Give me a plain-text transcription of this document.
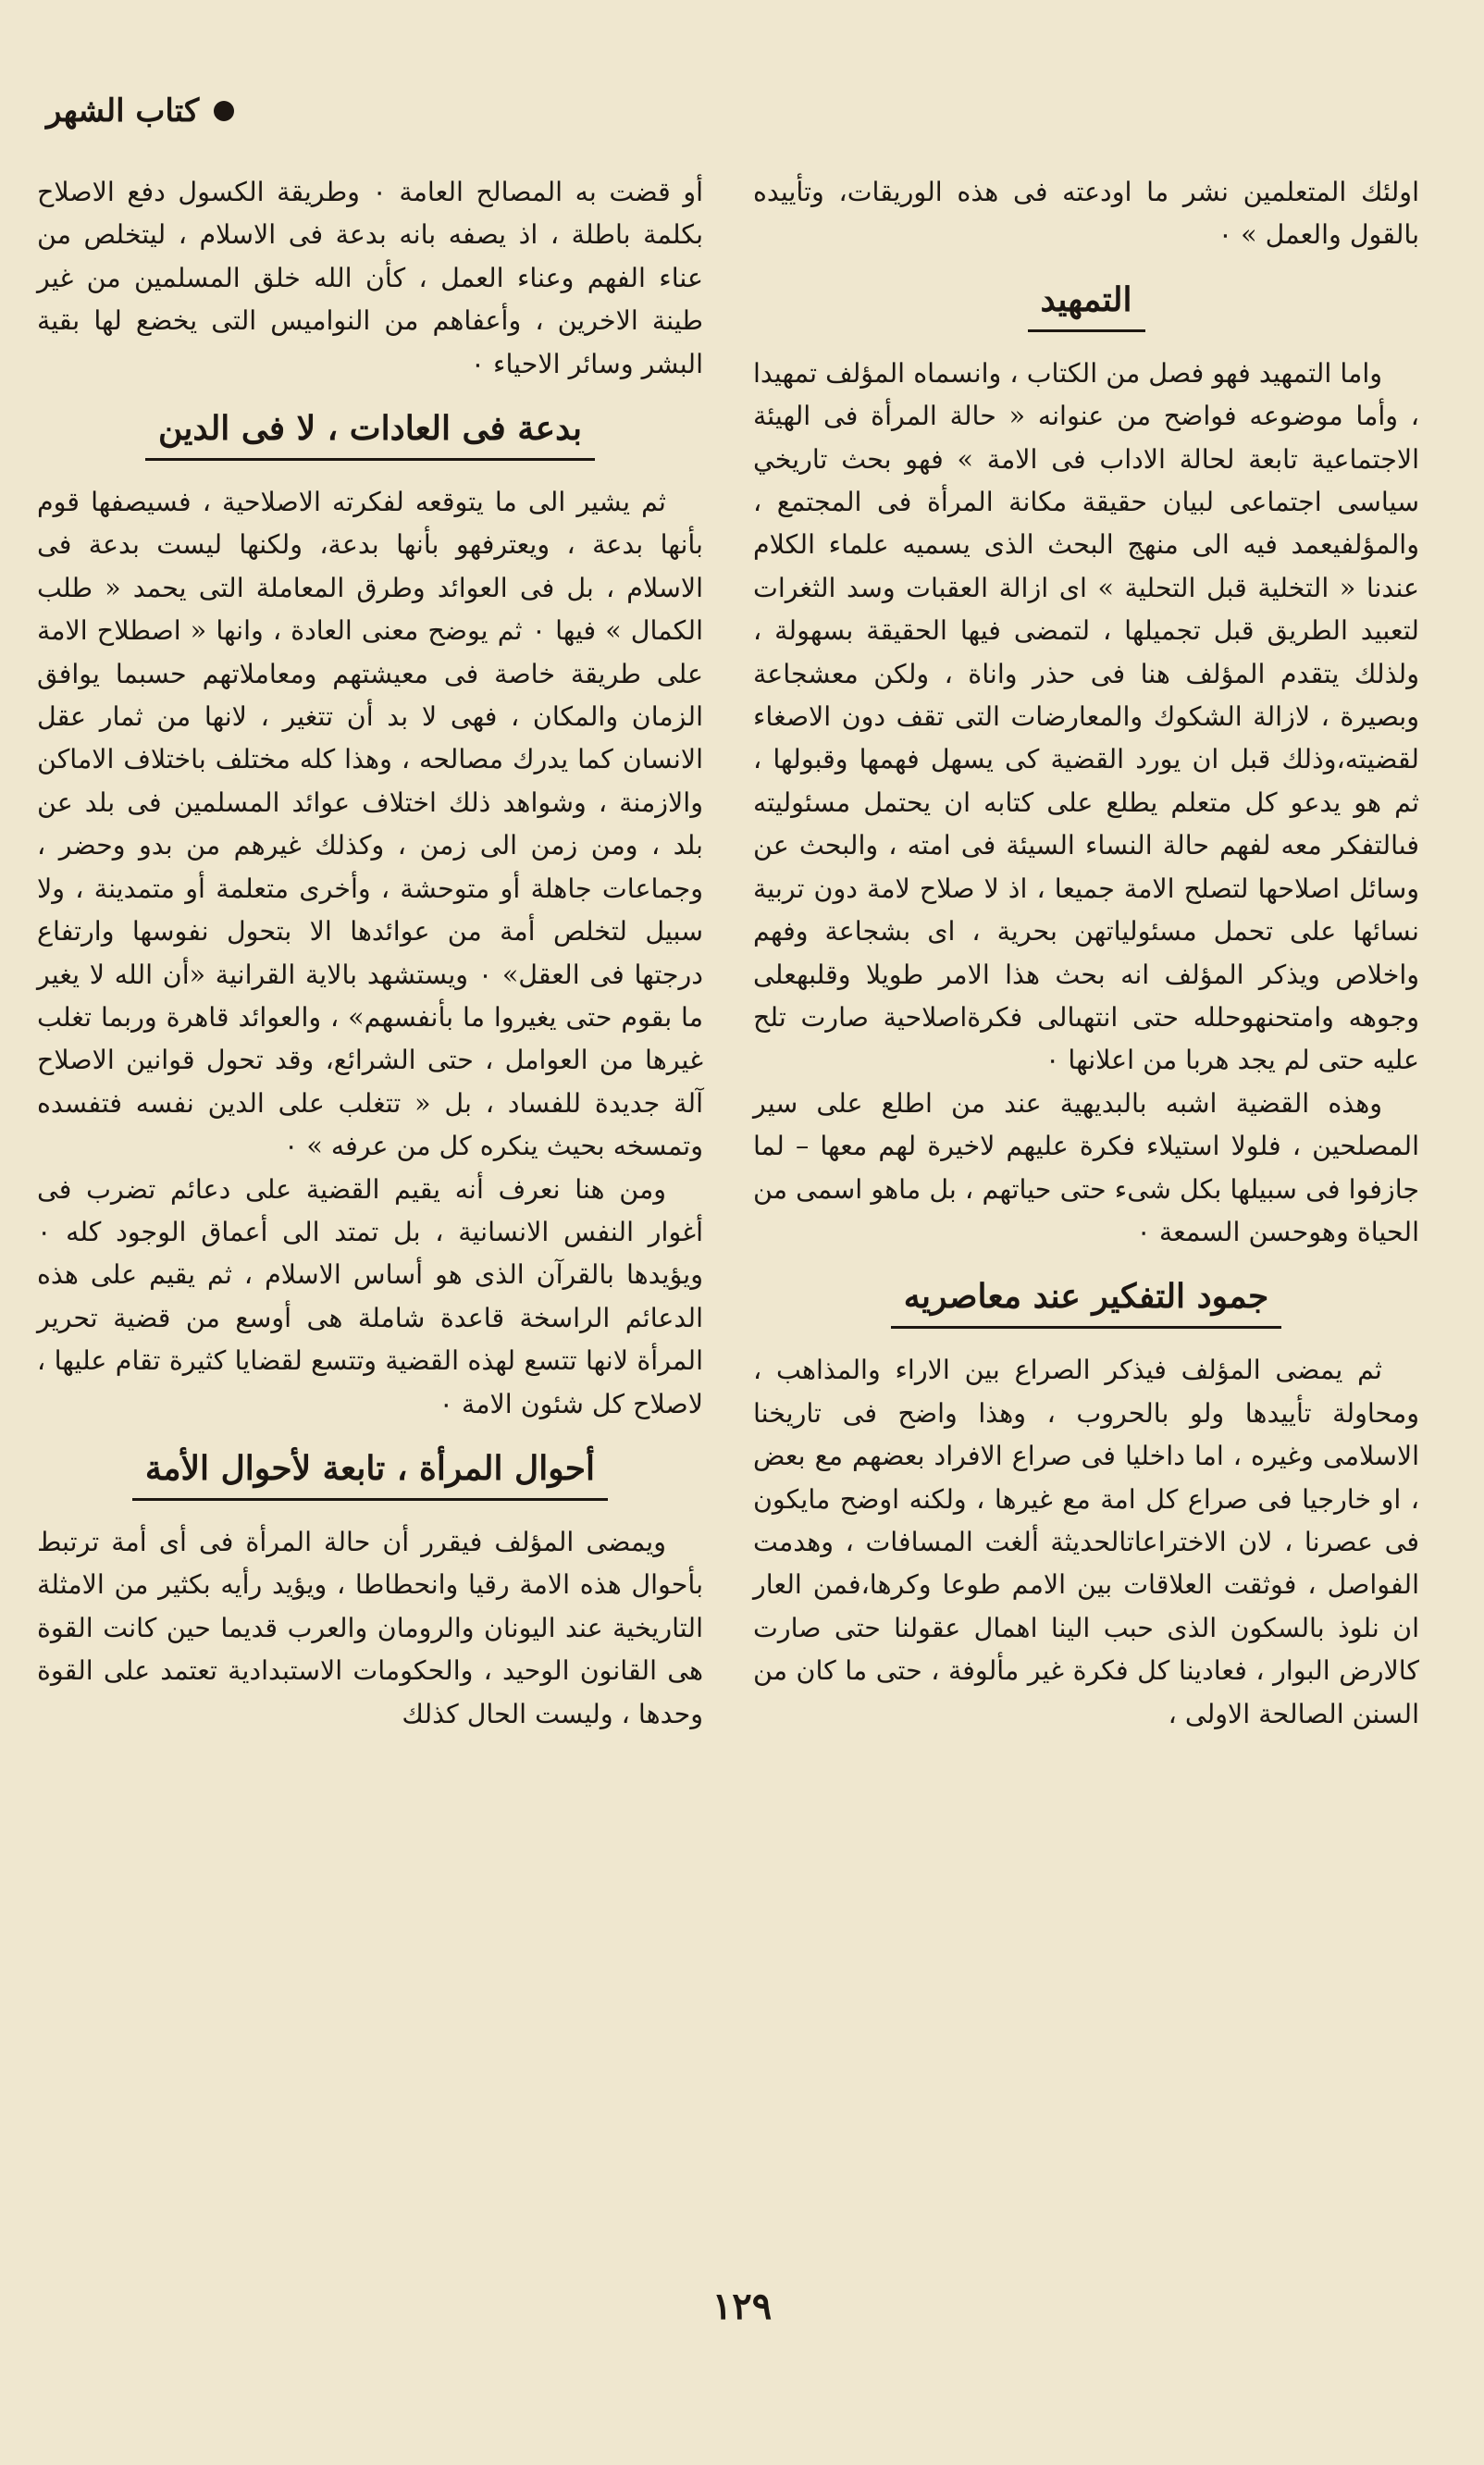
كتاب الشهر

اولئك المتعلمين نشر ما اودعته فى هذه الوريقات، وتأييده بالقول والعمل » ٠

التمهيد

واما التمهيد فهو فصل من الكتاب ، وانسماه المؤلف تمهيدا ، وأما موضوعه فواضح من عنوانه « حالة المرأة فى الهيئة الاجتماعية تابعة لحالة الاداب فى الامة » فهو بحث تاريخي سياسى اجتماعى لبيان حقيقة مكانة المرأة فى المجتمع ، والمؤلفيعمد فيه الى منهج البحث الذى يسميه علماء الكلام عندنا « التخلية قبل التحلية » اى ازالة العقبات وسد الثغرات لتعبيد الطريق قبل تجميلها ، لتمضى فيها الحقيقة بسهولة ، ولذلك يتقدم المؤلف هنا فى حذر واناة ، ولكن معشجاعة وبصيرة ، لازالة الشكوك والمعارضات التى تقف دون الاصغاء لقضيته،وذلك قبل ان يورد القضية كى يسهل فهمها وقبولها ، ثم هو يدعو كل متعلم يطلع على كتابه ان يحتمل مسئوليته فىالتفكر معه لفهم حالة النساء السيئة فى امته ، والبحث عن وسائل اصلاحها لتصلح الامة جميعا ، اذ لا صلاح لامة دون تربية نسائها على تحمل مسئولياتهن بحرية ، اى بشجاعة وفهم واخلاص ويذكر المؤلف انه بحث هذا الامر طويلا وقلبهعلى وجوهه وامتحنهوحلله حتى انتهىالى فكرةاصلاحية صارت تلح عليه حتى لم يجد هربا من اعلانها ٠

وهذه القضية اشبه بالبديهية عند من اطلع على سير المصلحين ، فلولا استيلاء فكرة عليهم لاخيرة لهم معها – لما جازفوا فى سبيلها بكل شىء حتى حياتهم ، بل ماهو اسمى من الحياة وهوحسن السمعة ٠

جمود التفكير عند معاصريه

ثم يمضى المؤلف فيذكر الصراع بين الاراء والمذاهب ، ومحاولة تأييدها ولو بالحروب ، وهذا واضح فى تاريخنا الاسلامى وغيره ، اما داخليا فى صراع الافراد بعضهم مع بعض ، او خارجيا فى صراع كل امة مع غيرها ، ولكنه اوضح مايكون فى عصرنا ، لان الاختراعاتالحديثة ألغت المسافات ، وهدمت الفواصل ، فوثقت العلاقات بين الامم طوعا وكرها،فمن العار ان نلوذ بالسكون الذى حبب الينا اهمال عقولنا حتى صارت كالارض البوار ، فعادينا كل فكرة غير مألوفة ، حتى ما كان من السنن الصالحة الاولى ،

أو قضت به المصالح العامة ٠ وطريقة الكسول دفع الاصلاح بكلمة باطلة ، اذ يصفه بانه بدعة فى الاسلام ، ليتخلص من عناء الفهم وعناء العمل ، كأن الله خلق المسلمين من غير طينة الاخرين ، وأعفاهم من النواميس التى يخضع لها بقية البشر وسائر الاحياء ٠

بدعة فى العادات ، لا فى الدين

ثم يشير الى ما يتوقعه لفكرته الاصلاحية ، فسيصفها قوم بأنها بدعة ، ويعترفهو بأنها بدعة، ولكنها ليست بدعة فى الاسلام ، بل فى العوائد وطرق المعاملة التى يحمد « طلب الكمال » فيها ٠ ثم يوضح معنى العادة ، وانها « اصطلاح الامة على طريقة خاصة فى معيشتهم ومعاملاتهم حسبما يوافق الزمان والمكان ، فهى لا بد أن تتغير ، لانها من ثمار عقل الانسان كما يدرك مصالحه ، وهذا كله مختلف باختلاف الاماكن والازمنة ، وشواهد ذلك اختلاف عوائد المسلمين فى بلد عن بلد ، ومن زمن الى زمن ، وكذلك غيرهم من بدو وحضر ، وجماعات جاهلة أو متوحشة ، وأخرى متعلمة أو متمدينة ، ولا سبيل لتخلص أمة من عوائدها الا بتحول نفوسها وارتفاع درجتها فى العقل» ٠ ويستشهد بالاية القرانية «أن الله لا يغير ما بقوم حتى يغيروا ما بأنفسهم» ، والعوائد قاهرة وربما تغلب غيرها من العوامل ، حتى الشرائع، وقد تحول قوانين الاصلاح آلة جديدة للفساد ، بل « تتغلب على الدين نفسه فتفسده وتمسخه بحيث ينكره كل من عرفه » ٠

ومن هنا نعرف أنه يقيم القضية على دعائم تضرب فى أغوار النفس الانسانية ، بل تمتد الى أعماق الوجود كله ٠ ويؤيدها بالقرآن الذى هو أساس الاسلام ، ثم يقيم على هذه الدعائم الراسخة قاعدة شاملة هى أوسع من قضية تحرير المرأة لانها تتسع لهذه القضية وتتسع لقضايا كثيرة تقام عليها ، لاصلاح كل شئون الامة ٠

أحوال المرأة ، تابعة لأحوال الأمة

ويمضى المؤلف فيقرر أن حالة المرأة فى أى أمة ترتبط بأحوال هذه الامة رقيا وانحطاطا ، ويؤيد رأيه بكثير من الامثلة التاريخية عند اليونان والرومان والعرب قديما حين كانت القوة هى القانون الوحيد ، والحكومات الاستبدادية تعتمد على القوة وحدها ، وليست الحال كذلك

١٢٩
